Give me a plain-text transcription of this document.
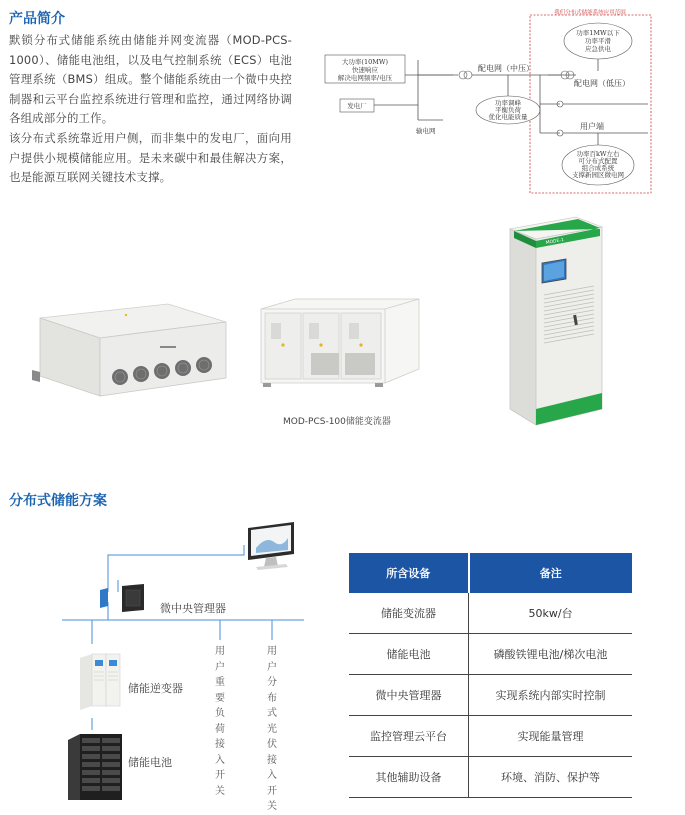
产品简介

默锁分布式储能系统由储能并网变流器（MOD-PCS-1000）、储能电池组，以及电气控制系统（ECS）电池管理系统（BMS）组成。整个储能系统由一个微中央控制器和云平台监控系统进行管理和监控，通过网络协调各组成部分的工作。

该分布式系统靠近用户侧，而非集中的发电厂，面向用户提供小规模储能应用。是未来碳中和最佳解决方案，也是能源互联网关键技术支撑。

我们分布式储能系统应用范围
大功率(10MW)
快速响应
解决电网频率/电压
发电厂
输电网
配电网（中压）
功率调峰
平衡负荷
优化电能质量
配电网（低压）
功率1MW以下
功率平滑
应急供电
用户端
功率百kW左右
可分布式配置
组合成系统
支撑新园区微电网
MOD-PCS-100储能变流器
MODE-1
分布式储能方案
微中央管理器
储能逆变器
储能电池
用户重要负荷接入开关
用户分布式光伏接入开关
所含设备	备注
储能变流器	50kw/台
储能电池	磷酸铁锂电池/梯次电池
微中央管理器	实现系统内部实时控制
监控管理云平台	实现能量管理
其他辅助设备	环境、消防、保护等
